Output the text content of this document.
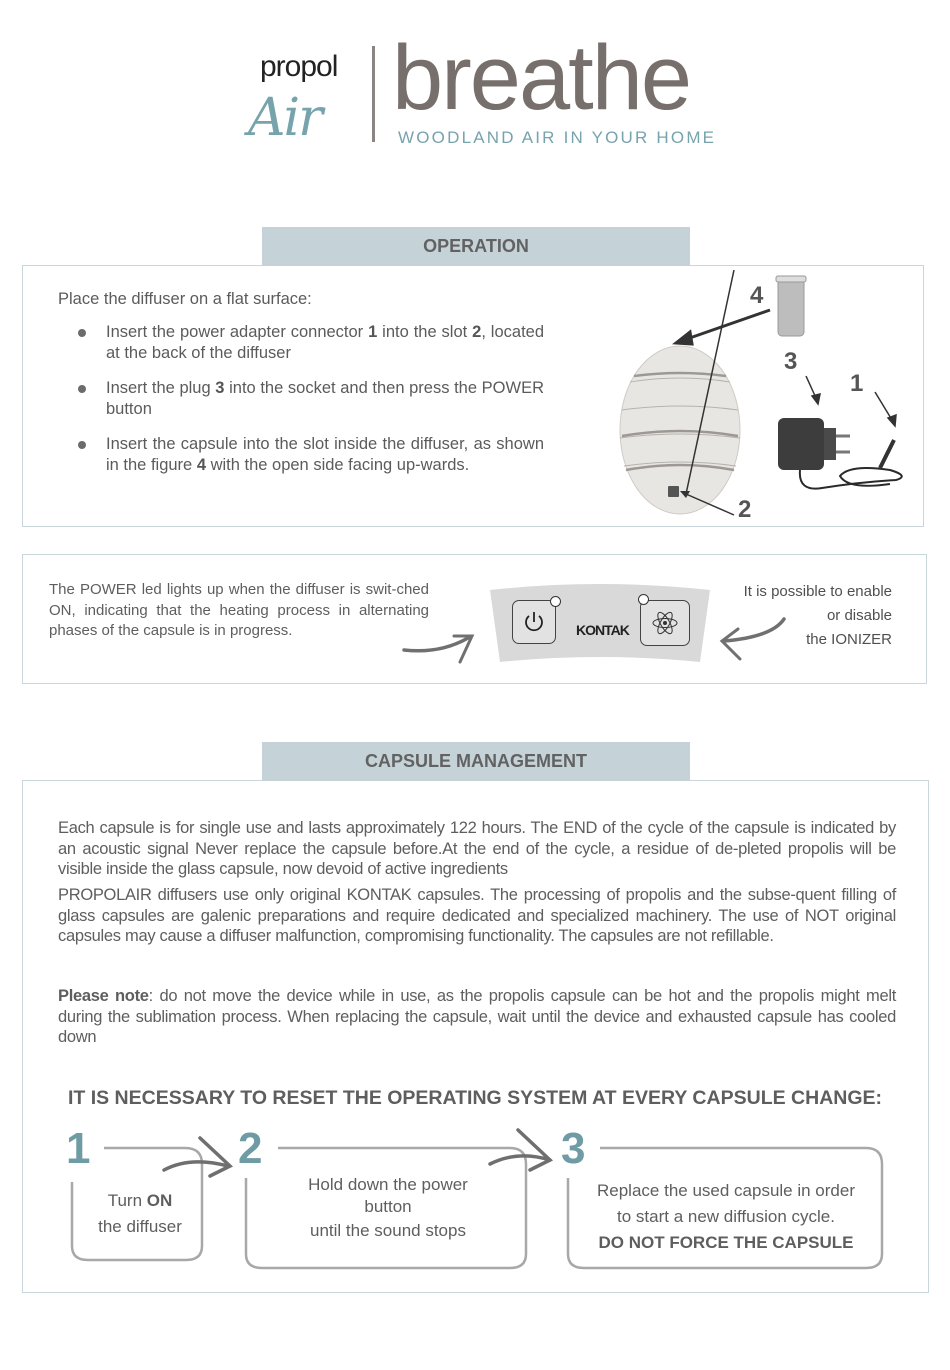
propol
Air breathe
WOODLAND AIR IN YOUR HOME
OPERATION
Place the diffuser on a flat surface:
Insert the power adapter connector 1 into the slot 2, located at the back of the diffuser
Insert the plug 3 into the socket and then press the POWER button
Insert the capsule into the slot inside the diffuser, as shown in the figure 4 with the open side facing up-wards.
4
3
1
2
The POWER led lights up when the diffuser is swit-ched ON, indicating that the heating process in alternating phases of the capsule is in progress.	KONTAK
It is possible to enable
or disable
the IONIZER
CAPSULE MANAGEMENT
Each capsule is for single use and lasts approximately 122 hours. The END of the cycle of the capsule is indicated by an acoustic signal Never replace the capsule before.At the end of the cycle, a residue of de-pleted propolis will be visible inside the glass capsule, now devoid of active ingredients
PROPOLAIR diffusers use only original KONTAK capsules. The processing of propolis and the subse-quent filling of glass capsules are galenic preparations and require dedicated and specialized machinery. The use of NOT original capsules may cause a diffuser malfunction, compromising functionality. The capsules are not refillable.
Please note: do not move the device while in use, as the propolis capsule can be hot and the propolis might melt during the sublimation process. When replacing the capsule, wait until the device and exhausted capsule has cooled down
IT IS NECESSARY TO RESET THE OPERATING SYSTEM AT EVERY CAPSULE CHANGE:
1	2	3
Turn ON
the diffuser
Hold down the power
button
until the sound stops
Replace the used capsule in order
to start a new diffusion cycle.
DO NOT FORCE THE CAPSULE
